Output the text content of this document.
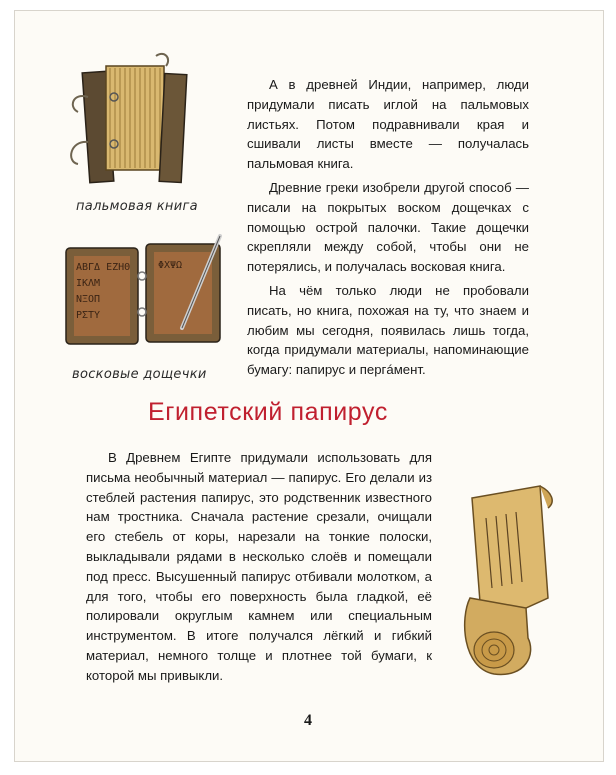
пальмовая книга
ΑΒΓΔ ΕΖΗΘ
ΙΚΛΜ
ΝΞΟΠ
ΡΣΤΥ
ΦΧΨΩ
восковые дощечки

А в древней Индии, например, люди придумали писать иглой на пальмовых листьях. Потом подравнивали края и сшивали листы вместе — получалась пальмовая книга.

Древние греки изобрели другой способ — писали на покрытых воском дощечках с помощью острой палочки. Такие дощечки скрепляли между собой, чтобы они не потерялись, и получалась восковая книга.

На чём только люди не пробовали писать, но книга, похожая на ту, что знаем и любим мы сегодня, появилась лишь тогда, когда придумали материалы, напоминающие бумагу: папирус и пергáмент.

Египетский папирус

В Древнем Египте придумали использовать для письма необычный материал — папирус. Его делали из стеблей растения папирус, это родственник известного нам тростника. Сначала растение срезали, очищали его стебель от коры, нарезали на тонкие полоски, выкладывали рядами в несколько слоёв и помещали под пресс. Высушенный папирус отбивали молотком, а для того, чтобы его поверхность была гладкой, её полировали округлым камнем или специальным инструментом. В итоге получался лёгкий и гибкий материал, немного толще и плотнее той бумаги, к которой мы привыкли.

4
